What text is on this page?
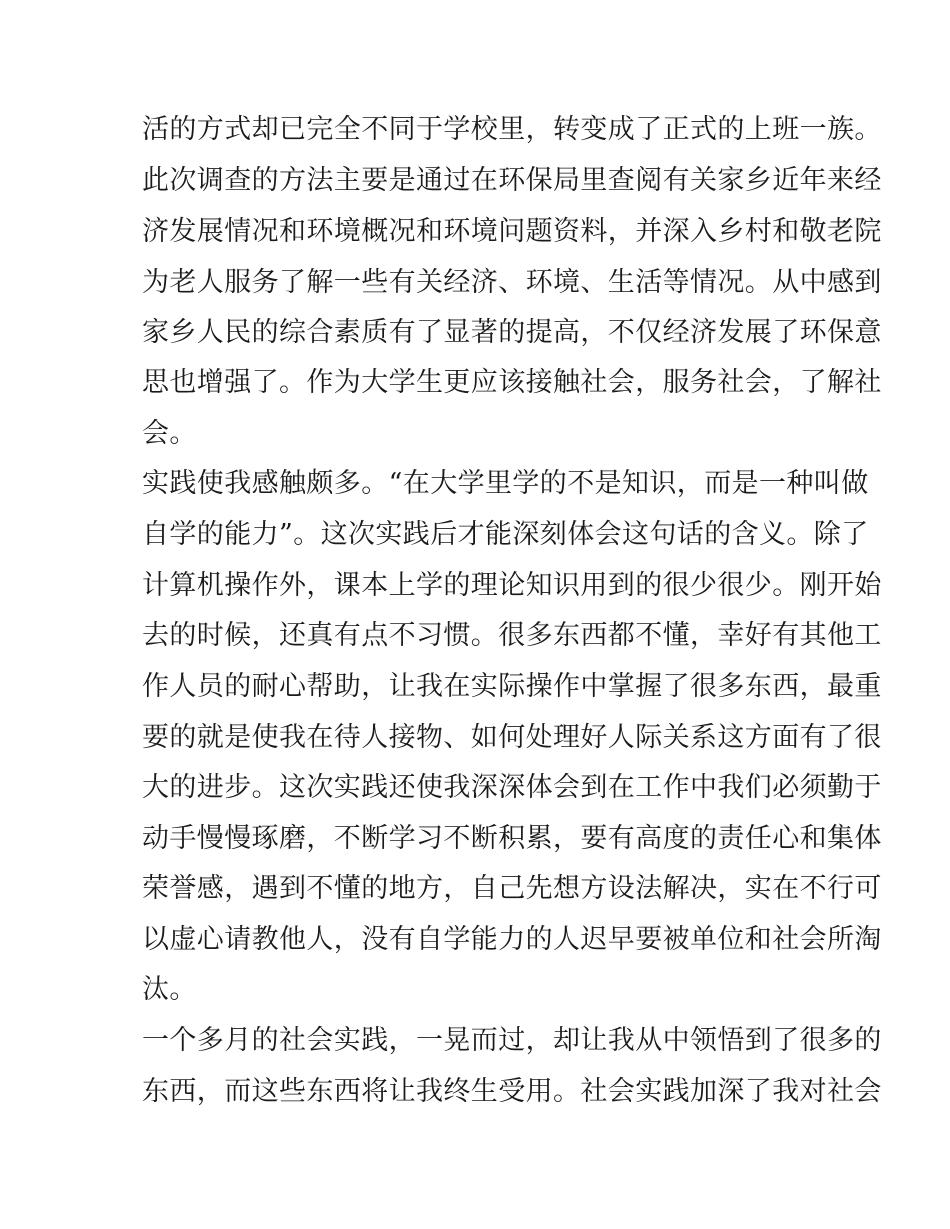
活的方式却已完全不同于学校里，转变成了正式的上班一族。
此次调查的方法主要是通过在环保局里查阅有关家乡近年来经
济发展情况和环境概况和环境问题资料，并深入乡村和敬老院
为老人服务了解一些有关经济、环境、生活等情况。从中感到
家乡人民的综合素质有了显著的提高，不仅经济发展了环保意
思也增强了。作为大学生更应该接触社会，服务社会，了解社
会。
实践使我感触颇多。“在大学里学的不是知识，而是一种叫做
自学的能力”。这次实践后才能深刻体会这句话的含义。除了
计算机操作外，课本上学的理论知识用到的很少很少。刚开始
去的时候，还真有点不习惯。很多东西都不懂，幸好有其他工
作人员的耐心帮助，让我在实际操作中掌握了很多东西，最重
要的就是使我在待人接物、如何处理好人际关系这方面有了很
大的进步。这次实践还使我深深体会到在工作中我们必须勤于
动手慢慢琢磨，不断学习不断积累，要有高度的责任心和集体
荣誉感，遇到不懂的地方，自己先想方设法解决，实在不行可
以虚心请教他人，没有自学能力的人迟早要被单位和社会所淘
汰。
一个多月的社会实践，一晃而过，却让我从中领悟到了很多的
东西，而这些东西将让我终生受用。社会实践加深了我对社会
